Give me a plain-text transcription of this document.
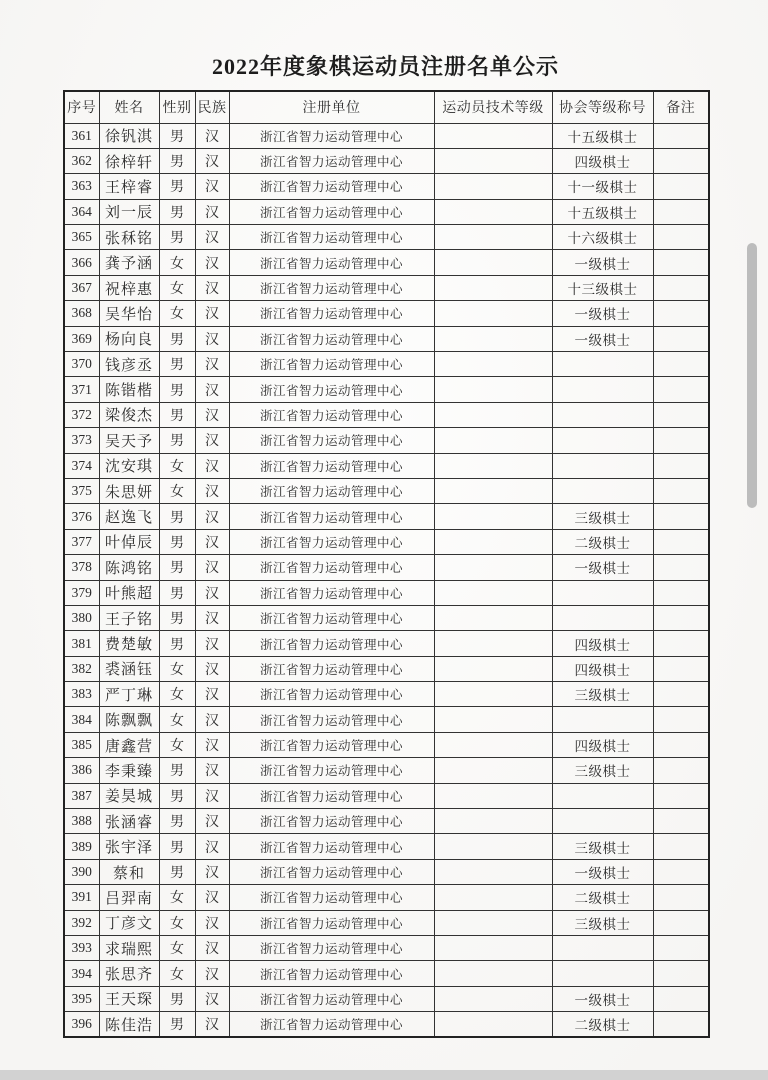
2022年度象棋运动员注册名单公示
序号	姓名	性别	民族	注册单位	运动员技术等级	协会等级称号	备注
361	徐钒淇	男	汉	浙江省智力运动管理中心		十五级棋士	
362	徐梓轩	男	汉	浙江省智力运动管理中心		四级棋士	
363	王梓睿	男	汉	浙江省智力运动管理中心		十一级棋士	
364	刘一辰	男	汉	浙江省智力运动管理中心		十五级棋士	
365	张秝铭	男	汉	浙江省智力运动管理中心		十六级棋士	
366	龚予涵	女	汉	浙江省智力运动管理中心		一级棋士	
367	祝梓惠	女	汉	浙江省智力运动管理中心		十三级棋士	
368	吴华怡	女	汉	浙江省智力运动管理中心		一级棋士	
369	杨向良	男	汉	浙江省智力运动管理中心		一级棋士	
370	钱彦丞	男	汉	浙江省智力运动管理中心			
371	陈锴楷	男	汉	浙江省智力运动管理中心			
372	梁俊杰	男	汉	浙江省智力运动管理中心			
373	吴天予	男	汉	浙江省智力运动管理中心			
374	沈安琪	女	汉	浙江省智力运动管理中心			
375	朱思妍	女	汉	浙江省智力运动管理中心			
376	赵逸飞	男	汉	浙江省智力运动管理中心		三级棋士	
377	叶倬辰	男	汉	浙江省智力运动管理中心		二级棋士	
378	陈鸿铭	男	汉	浙江省智力运动管理中心		一级棋士	
379	叶熊超	男	汉	浙江省智力运动管理中心			
380	王子铭	男	汉	浙江省智力运动管理中心			
381	费楚敏	男	汉	浙江省智力运动管理中心		四级棋士	
382	裘涵钰	女	汉	浙江省智力运动管理中心		四级棋士	
383	严丁琳	女	汉	浙江省智力运动管理中心		三级棋士	
384	陈飘飘	女	汉	浙江省智力运动管理中心			
385	唐鑫营	女	汉	浙江省智力运动管理中心		四级棋士	
386	李秉臻	男	汉	浙江省智力运动管理中心		三级棋士	
387	姜昊城	男	汉	浙江省智力运动管理中心			
388	张涵睿	男	汉	浙江省智力运动管理中心			
389	张宇泽	男	汉	浙江省智力运动管理中心		三级棋士	
390	蔡和	男	汉	浙江省智力运动管理中心		一级棋士	
391	吕羿南	女	汉	浙江省智力运动管理中心		二级棋士	
392	丁彦文	女	汉	浙江省智力运动管理中心		三级棋士	
393	求瑞熙	女	汉	浙江省智力运动管理中心			
394	张思齐	女	汉	浙江省智力运动管理中心			
395	王天琛	男	汉	浙江省智力运动管理中心		一级棋士	
396	陈佳浩	男	汉	浙江省智力运动管理中心		二级棋士	
